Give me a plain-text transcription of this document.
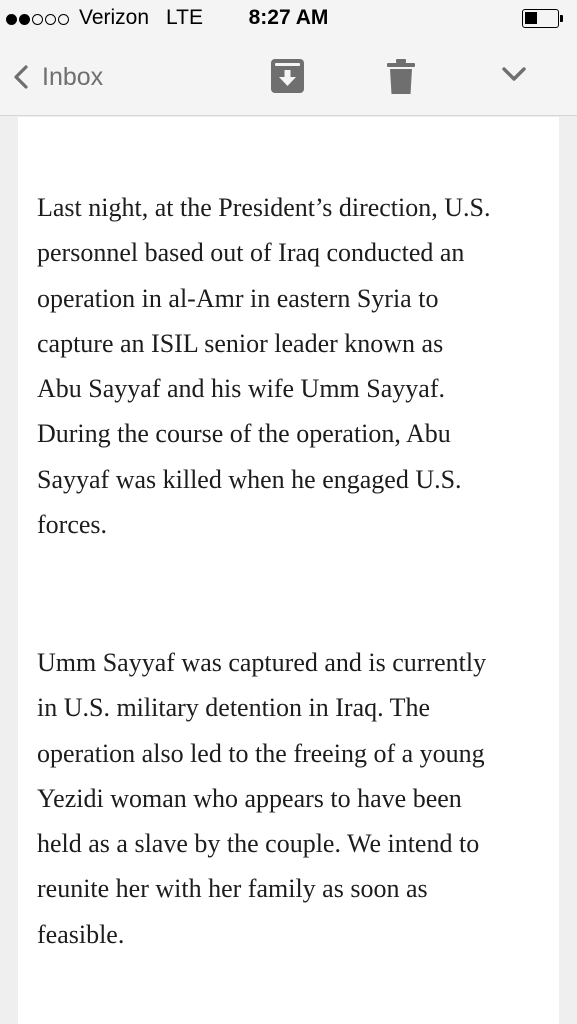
Verizon LTE	8:27 AM
Inbox

Last night, at the President’s direction, U.S.
personnel based out of Iraq conducted an
operation in al-Amr in eastern Syria to
capture an ISIL senior leader known as
Abu Sayyaf and his wife Umm Sayyaf.
During the course of the operation, Abu
Sayyaf was killed when he engaged U.S.
forces.

Umm Sayyaf was captured and is currently
in U.S. military detention in Iraq. The
operation also led to the freeing of a young
Yezidi woman who appears to have been
held as a slave by the couple. We intend to
reunite her with her family as soon as
feasible.
